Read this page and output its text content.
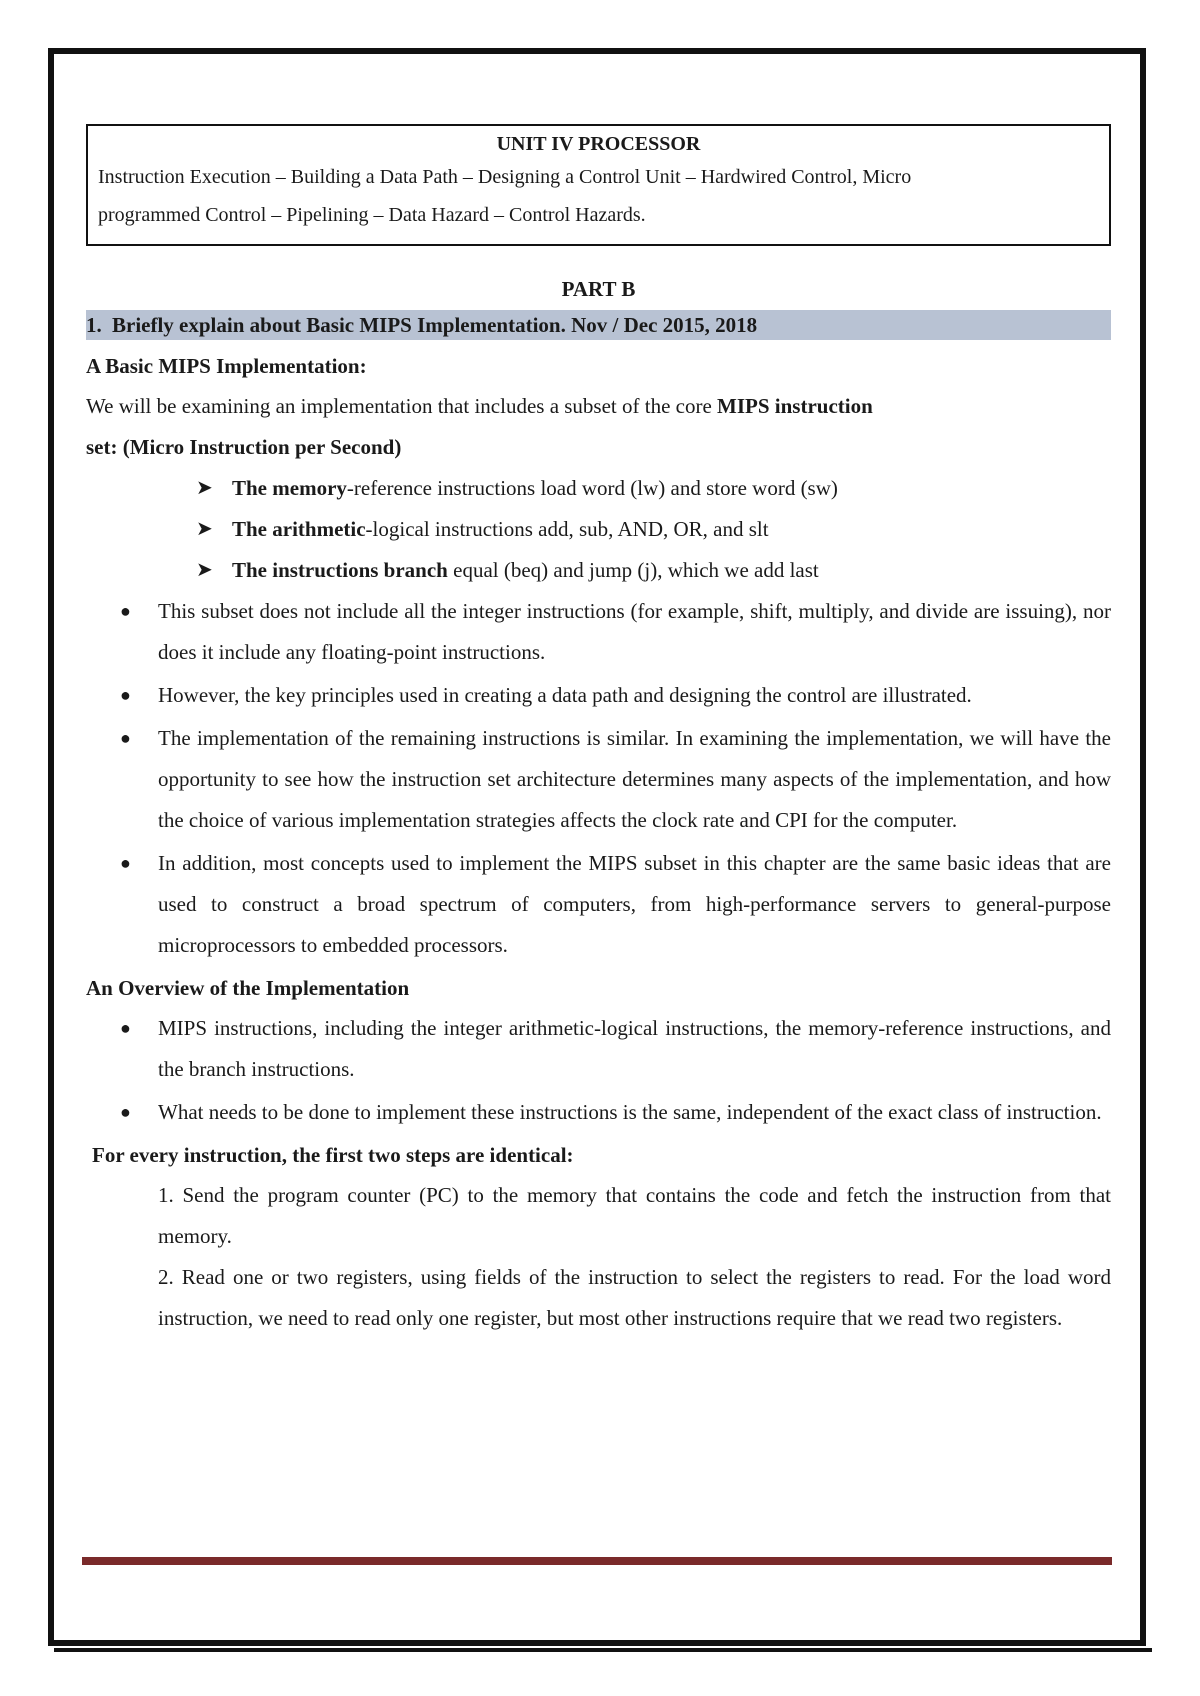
UNIT IV PROCESSOR
Instruction Execution – Building a Data Path – Designing a Control Unit – Hardwired Control, Micro
programmed Control – Pipelining – Data Hazard – Control Hazards.
PART B
1. Briefly explain about Basic MIPS Implementation. Nov / Dec 2015, 2018
A Basic MIPS Implementation:
We will be examining an implementation that includes a subset of the core MIPS instruction
set: (Micro Instruction per Second)
➤ The memory-reference instructions load word (lw) and store word (sw)
➤ The arithmetic-logical instructions add, sub, AND, OR, and slt
➤ The instructions branch equal (beq) and jump (j), which we add last
● This subset does not include all the integer instructions (for example, shift, multiply, and divide are issuing), nor does it include any floating-point instructions.
● However, the key principles used in creating a data path and designing the control are illustrated.
● The implementation of the remaining instructions is similar. In examining the implementation, we will have the opportunity to see how the instruction set architecture determines many aspects of the implementation, and how the choice of various implementation strategies affects the clock rate and CPI for the computer.
● In addition, most concepts used to implement the MIPS subset in this chapter are the same basic ideas that are used to construct a broad spectrum of computers, from high-performance servers to general-purpose microprocessors to embedded processors.
An Overview of the Implementation
● MIPS instructions, including the integer arithmetic-logical instructions, the memory-reference instructions, and the branch instructions.
● What needs to be done to implement these instructions is the same, independent of the exact class of instruction.
For every instruction, the first two steps are identical:
1. Send the program counter (PC) to the memory that contains the code and fetch the instruction from that memory.
2. Read one or two registers, using fields of the instruction to select the registers to read. For the load word instruction, we need to read only one register, but most other instructions require that we read two registers.
